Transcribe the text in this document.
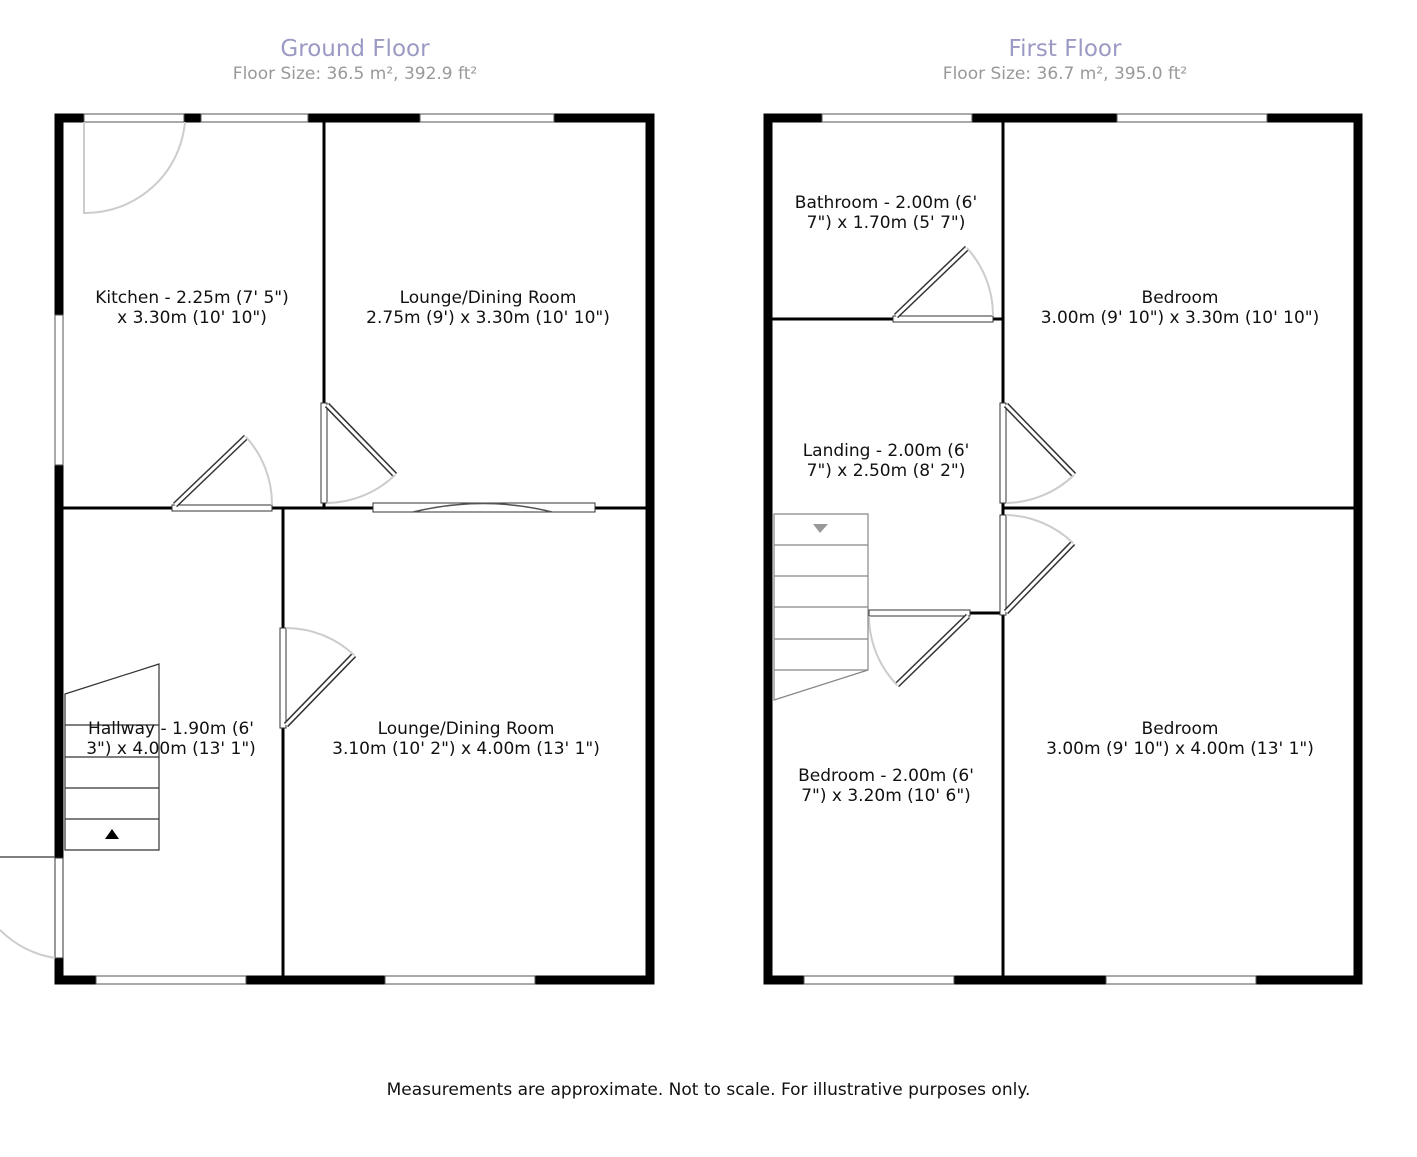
Ground Floor
Floor Size: 36.5 m², 392.9 ft²
First Floor
Floor Size: 36.7 m², 395.0 ft²
Kitchen - 2.25m (7' 5")
x 3.30m (10' 10")
Lounge/Dining Room
2.75m (9') x 3.30m (10' 10")
Hallway - 1.90m (6'
3") x 4.00m (13' 1")
Lounge/Dining Room
3.10m (10' 2") x 4.00m (13' 1")
Bathroom - 2.00m (6'
7") x 1.70m (5' 7")
Bedroom
3.00m (9' 10") x 3.30m (10' 10")
Landing - 2.00m (6'
7") x 2.50m (8' 2")
Bedroom - 2.00m (6'
7") x 3.20m (10' 6")
Bedroom
3.00m (9' 10") x 4.00m (13' 1")
Measurements are approximate. Not to scale. For illustrative purposes only.
